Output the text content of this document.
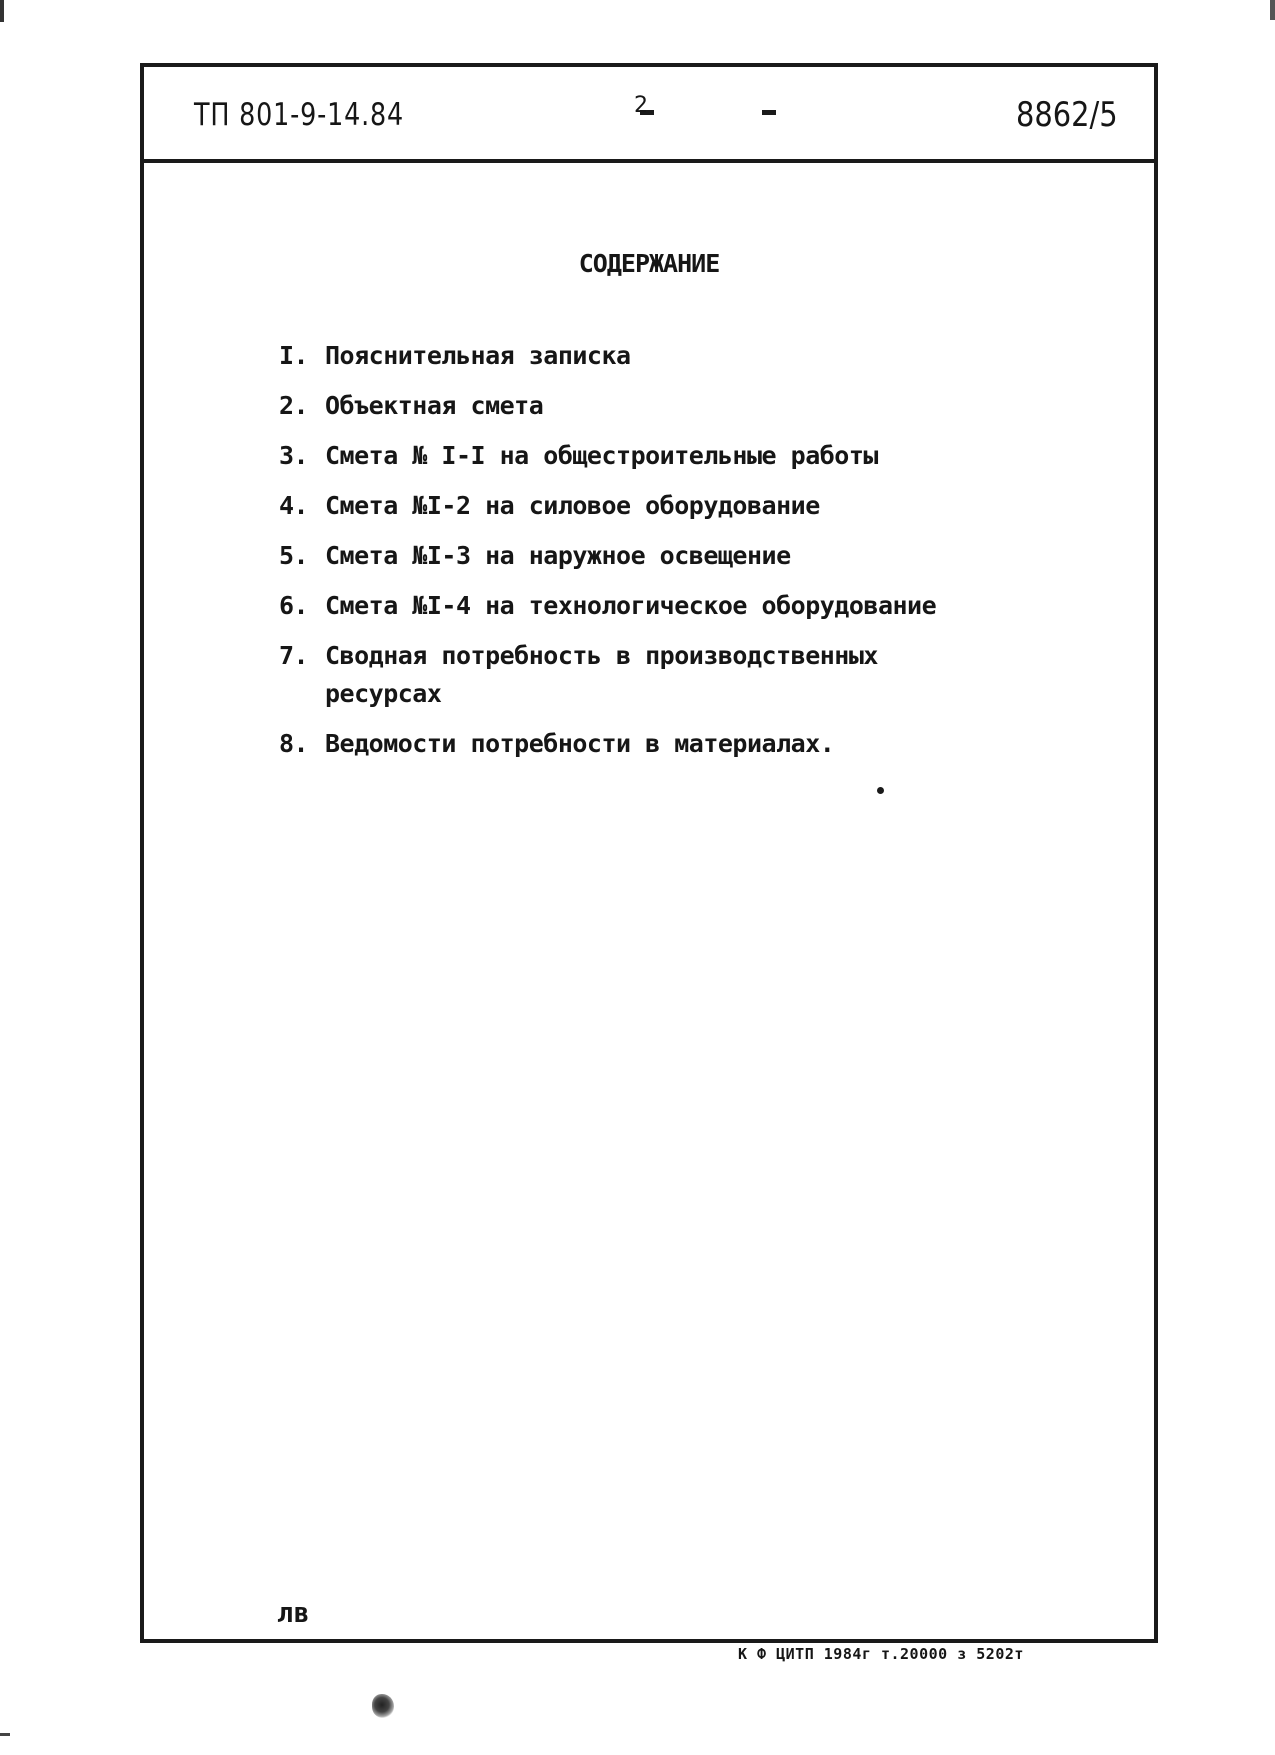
ТП 801-9-14.84	2	8862/5
СОДЕРЖАНИЕ
I. Пояснительная записка
2. Объектная смета
3. Смета № I-I на общестроительные работы
4. Смета №I-2 на силовое оборудование
5. Смета №I-3 на наружное освещение
6. Смета №I-4 на технологическое оборудование
7. Сводная потребность в производственных ресурсах
8. Ведомости потребности в материалах.
ЛВ
К Ф ЦИТП 1984г т.20000 з 5202т
